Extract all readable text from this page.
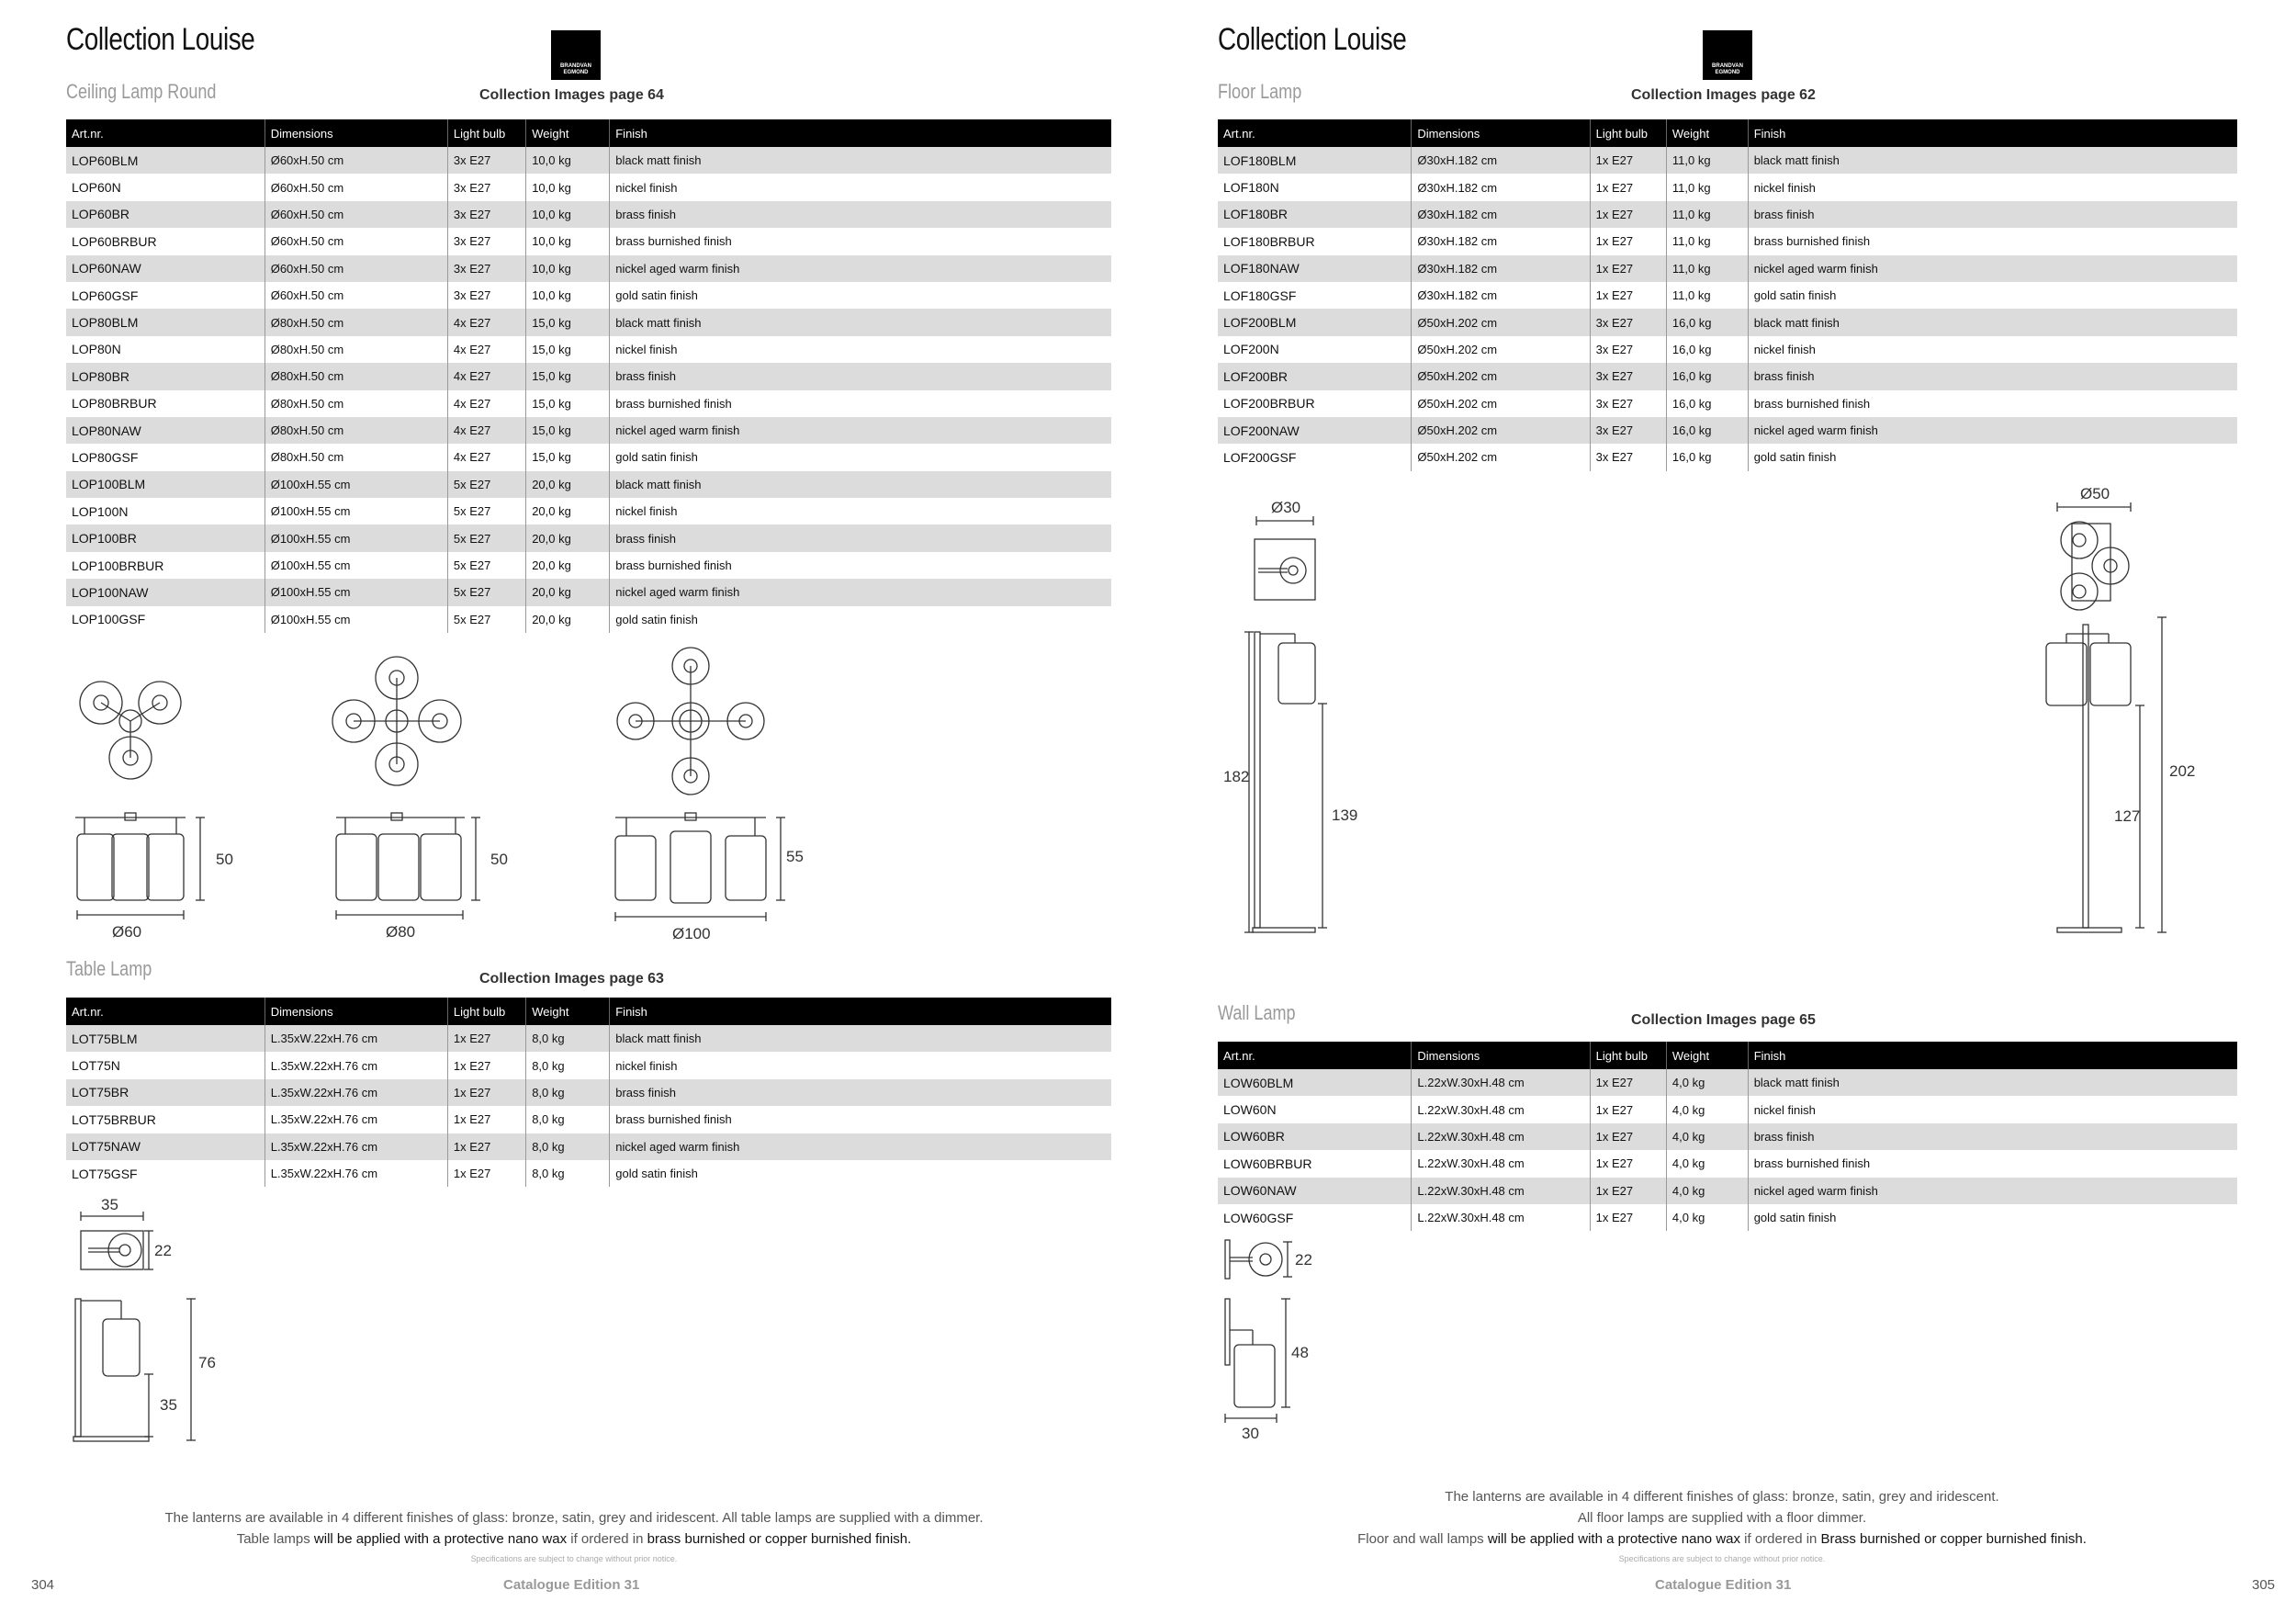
Collection Louise
BRANDVAN
EGMOND
Ceiling Lamp Round	Collection Images page 64
Art.nr.	Dimensions	Light bulb	Weight	Finish
LOP60BLM	Ø60xH.50 cm	3x E27	10,0 kg	black matt finish
LOP60N	Ø60xH.50 cm	3x E27	10,0 kg	nickel finish
LOP60BR	Ø60xH.50 cm	3x E27	10,0 kg	brass finish
LOP60BRBUR	Ø60xH.50 cm	3x E27	10,0 kg	brass burnished finish
LOP60NAW	Ø60xH.50 cm	3x E27	10,0 kg	nickel aged warm finish
LOP60GSF	Ø60xH.50 cm	3x E27	10,0 kg	gold satin finish
LOP80BLM	Ø80xH.50 cm	4x E27	15,0 kg	black matt finish
LOP80N	Ø80xH.50 cm	4x E27	15,0 kg	nickel finish
LOP80BR	Ø80xH.50 cm	4x E27	15,0 kg	brass finish
LOP80BRBUR	Ø80xH.50 cm	4x E27	15,0 kg	brass burnished finish
LOP80NAW	Ø80xH.50 cm	4x E27	15,0 kg	nickel aged warm finish
LOP80GSF	Ø80xH.50 cm	4x E27	15,0 kg	gold satin finish
LOP100BLM	Ø100xH.55 cm	5x E27	20,0 kg	black matt finish
LOP100N	Ø100xH.55 cm	5x E27	20,0 kg	nickel finish
LOP100BR	Ø100xH.55 cm	5x E27	20,0 kg	brass finish
LOP100BRBUR	Ø100xH.55 cm	5x E27	20,0 kg	brass burnished finish
LOP100NAW	Ø100xH.55 cm	5x E27	20,0 kg	nickel aged warm finish
LOP100GSF	Ø100xH.55 cm	5x E27	20,0 kg	gold satin finish
50
Ø60
50
Ø80
55
Ø100
Table Lamp	Collection Images page 63
Art.nr.	Dimensions	Light bulb	Weight	Finish
LOT75BLM	L.35xW.22xH.76 cm	1x E27	8,0 kg	black matt finish
LOT75N	L.35xW.22xH.76 cm	1x E27	8,0 kg	nickel finish
LOT75BR	L.35xW.22xH.76 cm	1x E27	8,0 kg	brass finish
LOT75BRBUR	L.35xW.22xH.76 cm	1x E27	8,0 kg	brass burnished finish
LOT75NAW	L.35xW.22xH.76 cm	1x E27	8,0 kg	nickel aged warm finish
LOT75GSF	L.35xW.22xH.76 cm	1x E27	8,0 kg	gold satin finish
35
22
76
35
The lanterns are available in 4 different finishes of glass: bronze, satin, grey and iridescent. All table lamps are supplied with a dimmer.
Table lamps will be applied with a protective nano wax if ordered in brass burnished or copper burnished finish.
Specifications are subject to change without prior notice.
304	Catalogue Edition 31
Collection Louise
BRANDVAN
EGMOND
Floor Lamp	Collection Images page 62
Art.nr.	Dimensions	Light bulb	Weight	Finish
LOF180BLM	Ø30xH.182 cm	1x E27	11,0 kg	black matt finish
LOF180N	Ø30xH.182 cm	1x E27	11,0 kg	nickel finish
LOF180BR	Ø30xH.182 cm	1x E27	11,0 kg	brass finish
LOF180BRBUR	Ø30xH.182 cm	1x E27	11,0 kg	brass burnished finish
LOF180NAW	Ø30xH.182 cm	1x E27	11,0 kg	nickel aged warm finish
LOF180GSF	Ø30xH.182 cm	1x E27	11,0 kg	gold satin finish
LOF200BLM	Ø50xH.202 cm	3x E27	16,0 kg	black matt finish
LOF200N	Ø50xH.202 cm	3x E27	16,0 kg	nickel finish
LOF200BR	Ø50xH.202 cm	3x E27	16,0 kg	brass finish
LOF200BRBUR	Ø50xH.202 cm	3x E27	16,0 kg	brass burnished finish
LOF200NAW	Ø50xH.202 cm	3x E27	16,0 kg	nickel aged warm finish
LOF200GSF	Ø50xH.202 cm	3x E27	16,0 kg	gold satin finish
Ø30
182
139
Ø50
202
127
Wall Lamp	Collection Images page 65
Art.nr.	Dimensions	Light bulb	Weight	Finish
LOW60BLM	L.22xW.30xH.48 cm	1x E27	4,0 kg	black matt finish
LOW60N	L.22xW.30xH.48 cm	1x E27	4,0 kg	nickel finish
LOW60BR	L.22xW.30xH.48 cm	1x E27	4,0 kg	brass finish
LOW60BRBUR	L.22xW.30xH.48 cm	1x E27	4,0 kg	brass burnished finish
LOW60NAW	L.22xW.30xH.48 cm	1x E27	4,0 kg	nickel aged warm finish
LOW60GSF	L.22xW.30xH.48 cm	1x E27	4,0 kg	gold satin finish
22
48
30
The lanterns are available in 4 different finishes of glass: bronze, satin, grey and iridescent.
All floor lamps are supplied with a floor dimmer.
Floor and wall lamps will be applied with a protective nano wax if ordered in Brass burnished or copper burnished finish.
Specifications are subject to change without prior notice.
305
Catalogue Edition 31
